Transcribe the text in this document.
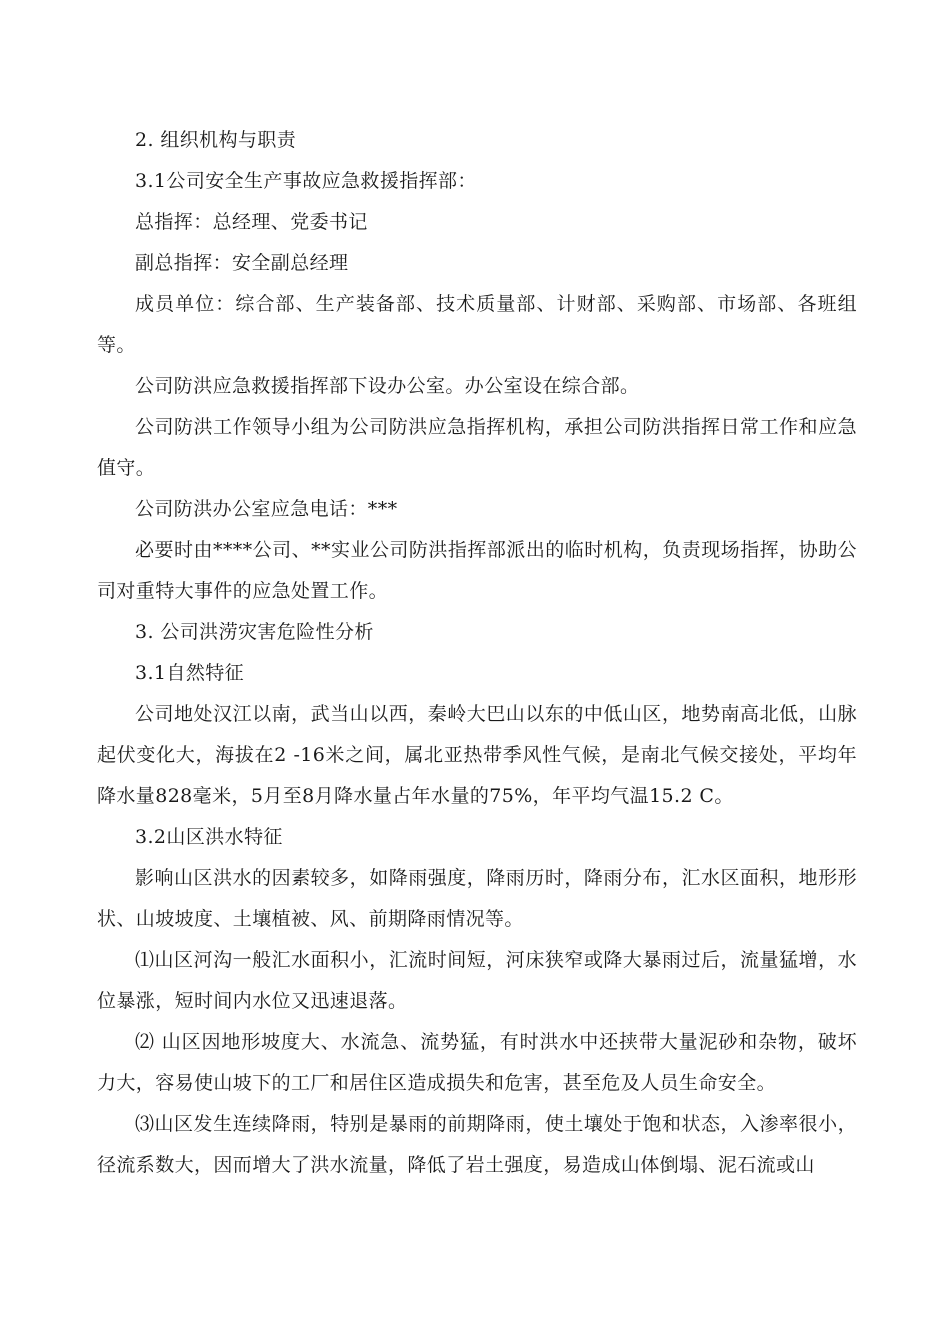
2. 组织机构与职责

3.1公司安全生产事故应急救援指挥部：

总指挥：总经理、党委书记

副总指挥：安全副总经理

成员单位：综合部、生产装备部、技术质量部、计财部、采购部、市场部、各班组等。

公司防洪应急救援指挥部下设办公室。办公室设在综合部。

公司防洪工作领导小组为公司防洪应急指挥机构，承担公司防洪指挥日常工作和应急值守。

公司防洪办公室应急电话：***

必要时由****公司、**实业公司防洪指挥部派出的临时机构，负责现场指挥，协助公司对重特大事件的应急处置工作。

3. 公司洪涝灾害危险性分析

3.1自然特征

公司地处汉江以南，武当山以西，秦岭大巴山以东的中低山区，地势南高北低，山脉起伏变化大，海拔在2 -16米之间，属北亚热带季风性气候，是南北气候交接处，平均年降水量828毫米，5月至8月降水量占年水量的75%，年平均气温15.2 C。

3.2山区洪水特征

影响山区洪水的因素较多，如降雨强度，降雨历时，降雨分布，汇水区面积，地形形状、山坡坡度、土壤植被、风、前期降雨情况等。

⑴山区河沟一般汇水面积小，汇流时间短，河床狭窄或降大暴雨过后，流量猛增，水位暴涨，短时间内水位又迅速退落。

⑵ 山区因地形坡度大、水流急、流势猛，有时洪水中还挟带大量泥砂和杂物，破坏力大，容易使山坡下的工厂和居住区造成损失和危害，甚至危及人员生命安全。

⑶山区发生连续降雨，特别是暴雨的前期降雨，使土壤处于饱和状态，入渗率很小，径流系数大，因而增大了洪水流量，降低了岩土强度，易造成山体倒塌、泥石流或山
